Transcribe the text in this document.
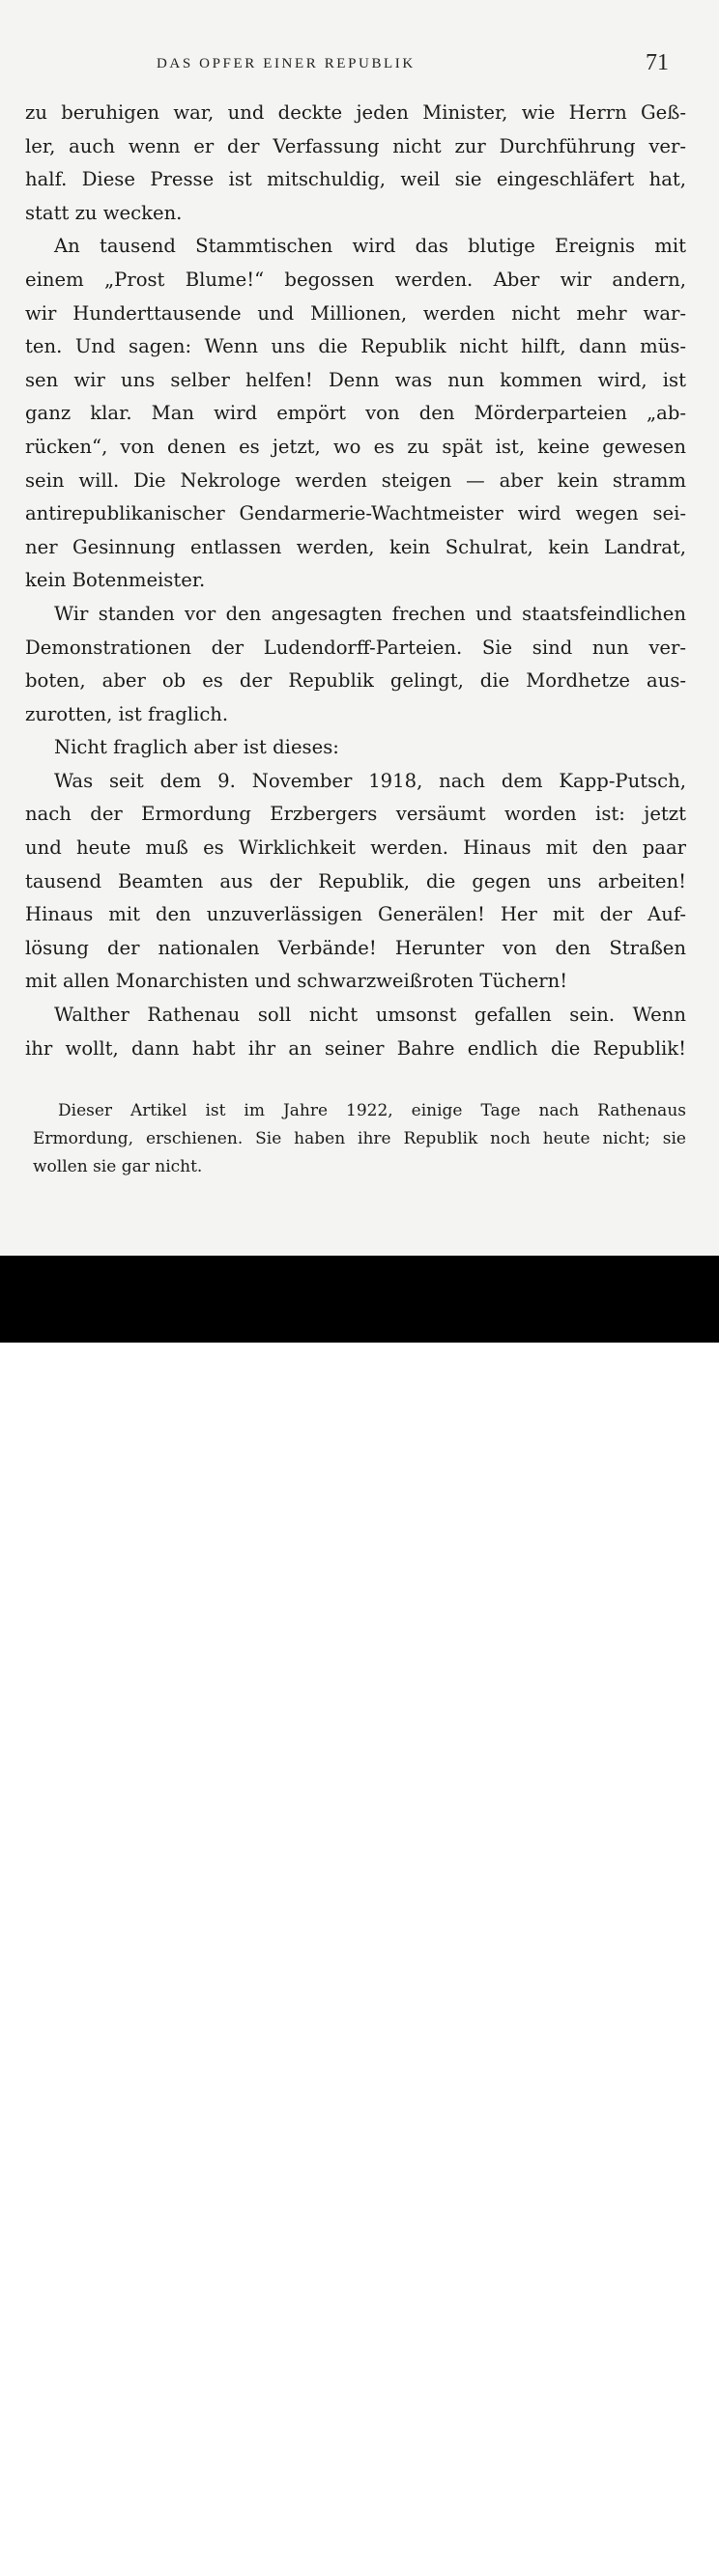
DAS OPFER EINER REPUBLIK	71
zu beruhigen war, und deckte jeden Minister, wie Herrn Geß-
ler, auch wenn er der Verfassung nicht zur Durchführung ver-
half. Diese Presse ist mitschuldig, weil sie eingeschläfert hat,
statt zu wecken.
An tausend Stammtischen wird das blutige Ereignis mit
einem „Prost Blume!“ begossen werden. Aber wir andern,
wir Hunderttausende und Millionen, werden nicht mehr war-
ten. Und sagen: Wenn uns die Republik nicht hilft, dann müs-
sen wir uns selber helfen! Denn was nun kommen wird, ist
ganz klar. Man wird empört von den Mörderparteien „ab-
rücken“, von denen es jetzt, wo es zu spät ist, keine gewesen
sein will. Die Nekrologe werden steigen — aber kein stramm
antirepublikanischer Gendarmerie-Wachtmeister wird wegen sei-
ner Gesinnung entlassen werden, kein Schulrat, kein Landrat,
kein Botenmeister.
Wir standen vor den angesagten frechen und staatsfeindlichen
Demonstrationen der Ludendorff-Parteien. Sie sind nun ver-
boten, aber ob es der Republik gelingt, die Mordhetze aus-
zurotten, ist fraglich.
Nicht fraglich aber ist dieses:
Was seit dem 9. November 1918, nach dem Kapp-Putsch,
nach der Ermordung Erzbergers versäumt worden ist: jetzt
und heute muß es Wirklichkeit werden. Hinaus mit den paar
tausend Beamten aus der Republik, die gegen uns arbeiten!
Hinaus mit den unzuverlässigen Generälen! Her mit der Auf-
lösung der nationalen Verbände! Herunter von den Straßen
mit allen Monarchisten und schwarzweißroten Tüchern!
Walther Rathenau soll nicht umsonst gefallen sein. Wenn
ihr wollt, dann habt ihr an seiner Bahre endlich die Republik!
Dieser Artikel ist im Jahre 1922, einige Tage nach Rathenaus
Ermordung, erschienen. Sie haben ihre Republik noch heute nicht; sie
wollen sie gar nicht.
alamy	J42CXR
www.alamy.com
